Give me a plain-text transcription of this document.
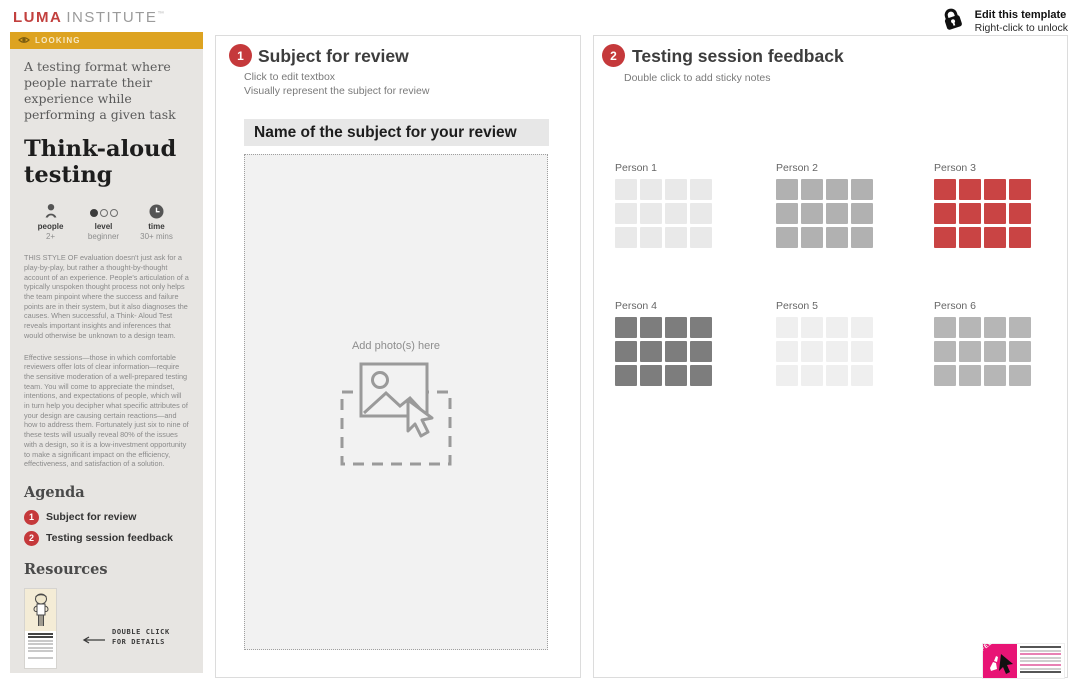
LUMA INSTITUTE™	Edit this template
Right-click to unlock
LOOKING

A testing format where people narrate their experience while performing a given task

Think-aloud testing
people
2+
level
beginner
time
30+ mins

THIS STYLE OF evaluation doesn't just ask for a play-by-play, but rather a thought-by-thought account of an experience. People's articulation of a typically unspoken thought process not only helps the team pinpoint where the success and failure points are in their system, but it also diagnoses the causes. When successful, a Think- Aloud Test reveals important insights and inferences that would otherwise be unknown to a design team.

Effective sessions—those in which comfortable reviewers offer lots of clear information—require the sensitive moderation of a well-prepared testing team. You will come to appreciate the mindset, intentions, and expectations of people, which will in turn help you decipher what specific attributes of your design are causing certain reactions—and how to address them. Fortunately just six to nine of these tests will usually reveal 80% of the issues with a design, so it is a low-investment opportunity to make a significant impact on the efficiency, effectiveness, and satisfaction of a solution.

Agenda
1	Subject for review
2	Testing session feedback
Resources
DOUBLE CLICK
FOR DETAILS
1 Subject for review
Click to edit textbox
Visually represent the subject for review
Name of the subject for your review
Add photo(s) here
2 Testing session feedback
Double click to add sticky notes
Person 1	Person 2	Person 3
Person 4	Person 5	Person 6
FEEDBACK
